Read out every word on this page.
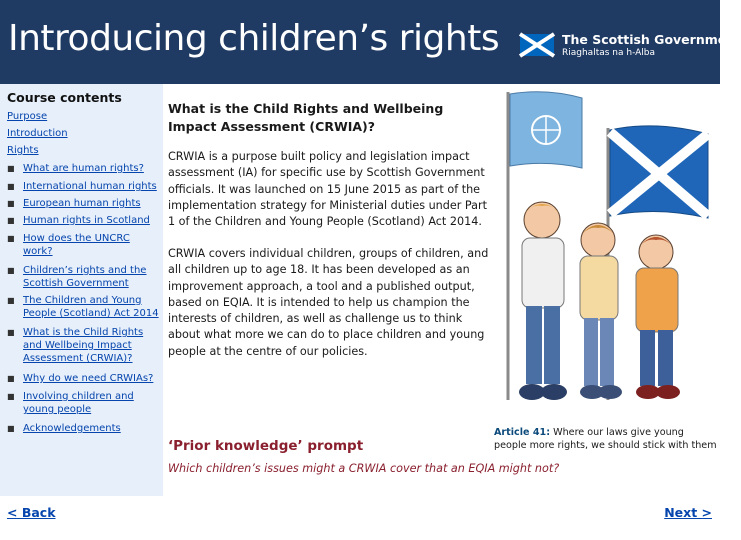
Introducing children’s rights	The Scottish Government
Riaghaltas na h-Alba
Course contents
Purpose
Introduction
Rights
■ What are human rights?
■ International human rights
■ European human rights
■ Human rights in Scotland
■ How does the UNCRC work?
■ Children’s rights and the Scottish Government
■ The Children and Young People (Scotland) Act 2014
■ What is the Child Rights and Wellbeing Impact Assessment (CRWIA)?
■ Why do we need CRWIAs?
■ Involving children and young people
■ Acknowledgements
What is the Child Rights and Wellbeing Impact Assessment (CRWIA)?
CRWIA is a purpose built policy and legislation impact assessment (IA) for specific use by Scottish Government officials. It was launched on 15 June 2015 as part of the implementation strategy for Ministerial duties under Part 1 of the Children and Young People (Scotland) Act 2014.
CRWIA covers individual children, groups of children, and all children up to age 18. It has been developed as an improvement approach, a tool and a published output, based on EQIA. It is intended to help us champion the interests of children, as well as challenge us to think about what more we can do to place children and young people at the centre of our policies.
‘Prior knowledge’ prompt
Article 41: Where our laws give young people more rights, we should stick with them
Which children’s issues might a CRWIA cover that an EQIA might not?
< Back	Next >
